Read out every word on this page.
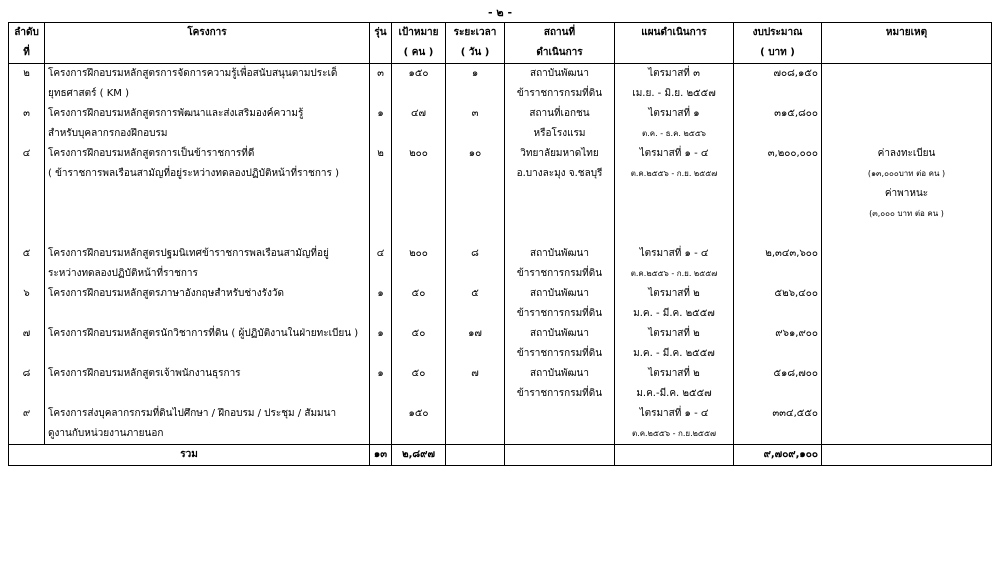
- ๒ -
ลำดับ	โครงการ	รุ่น	เป้าหมาย	ระยะเวลา	สถานที่	แผนดำเนินการ	งบประมาณ	หมายเหตุ
ที่			( คน )	( วัน )	ดำเนินการ		( บาท )	
๒	โครงการฝึกอบรมหลักสูตรการจัดการความรู้เพื่อสนับสนุนตามประเด็	๓	๑๕๐	๑	สถาบันพัฒนา	ไตรมาสที่ ๓	๗๐๘,๑๕๐	
	ยุทธศาสตร์ ( KM )				ข้าราชการกรมที่ดิน	เม.ย. - มิ.ย. ๒๕๕๗		
๓	โครงการฝึกอบรมหลักสูตรการพัฒนาและส่งเสริมองค์ความรู้	๑	๔๗	๓	สถานที่เอกชน	ไตรมาสที่ ๑	๓๑๕,๘๐๐	
	สำหรับบุคลากรกองฝึกอบรม				หรือโรงแรม	ต.ค. - ธ.ค. ๒๕๕๖		
๔	โครงการฝึกอบรมหลักสูตรการเป็นข้าราชการที่ดี	๒	๒๐๐	๑๐	วิทยาลัยมหาดไทย	ไตรมาสที่ ๑ - ๔	๓,๒๐๐,๐๐๐	ค่าลงทะเบียน
	( ข้าราชการพลเรือนสามัญที่อยู่ระหว่างทดลองปฏิบัติหน้าที่ราชการ )				อ.บางละมุง จ.ชลบุรี	ต.ค.๒๕๕๖ - ก.ย. ๒๕๕๗		(๑๓,๐๐๐บาท ต่อ คน )
								ค่าพาหนะ
								(๓,๐๐๐ บาท ต่อ คน )

๕	โครงการฝึกอบรมหลักสูตรปฐมนิเทศข้าราชการพลเรือนสามัญที่อยู่	๔	๒๐๐	๘	สถาบันพัฒนา	ไตรมาสที่ ๑ - ๔	๒,๓๔๓,๖๐๐	
	ระหว่างทดลองปฏิบัติหน้าที่ราชการ				ข้าราชการกรมที่ดิน	ต.ค.๒๕๕๖ - ก.ย. ๒๕๕๗		
๖	โครงการฝึกอบรมหลักสูตรภาษาอังกฤษสำหรับช่างรังวัด	๑	๕๐	๕	สถาบันพัฒนา	ไตรมาสที่ ๒	๕๒๖,๔๐๐	
					ข้าราชการกรมที่ดิน	ม.ค. - มี.ค. ๒๕๕๗		
๗	โครงการฝึกอบรมหลักสูตรนักวิชาการที่ดิน ( ผู้ปฏิบัติงานในฝ่ายทะเบียน )	๑	๕๐	๑๗	สถาบันพัฒนา	ไตรมาสที่ ๒	๙๖๑,๙๐๐	
					ข้าราชการกรมที่ดิน	ม.ค. - มี.ค. ๒๕๕๗		
๘	โครงการฝึกอบรมหลักสูตรเจ้าพนักงานธุรการ	๑	๕๐	๗	สถาบันพัฒนา	ไตรมาสที่ ๒	๕๑๘,๗๐๐	
					ข้าราชการกรมที่ดิน	ม.ค.-มี.ค. ๒๕๕๗		
๙	โครงการส่งบุคลากรกรมที่ดินไปศึกษา / ฝึกอบรม / ประชุม / สัมมนา		๑๕๐			ไตรมาสที่ ๑ - ๔	๓๓๔,๕๕๐	
	ดูงานกับหน่วยงานภายนอก					ต.ค.๒๕๕๖ - ก.ย.๒๕๕๗		
รวม		๑๓	๒,๘๙๗				๙,๗๐๙,๑๐๐	
